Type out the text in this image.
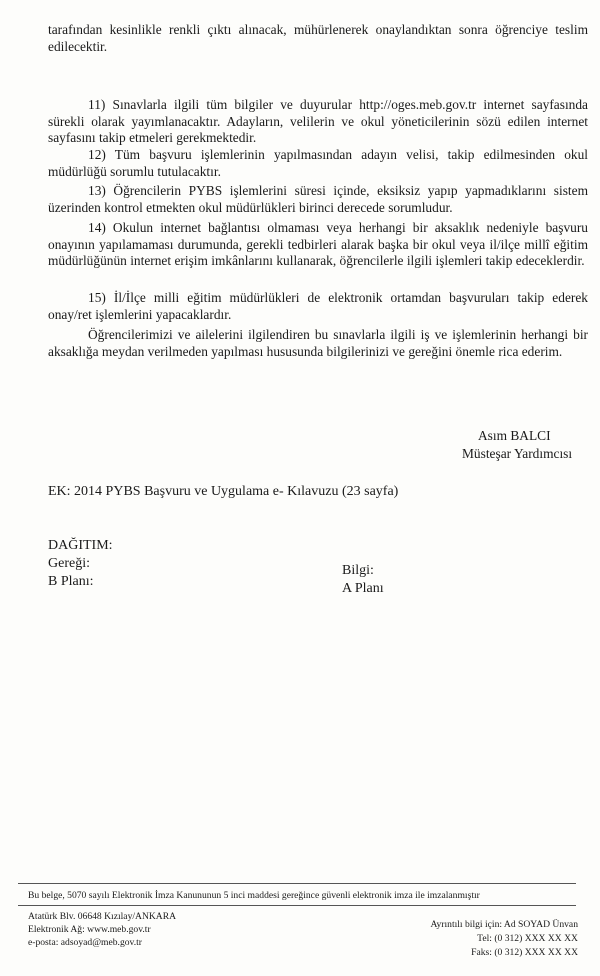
tarafından kesinlikle renkli çıktı alınacak, mühürlenerek onaylandıktan sonra öğrenciye teslim edilecektir.
11) Sınavlarla ilgili tüm bilgiler ve duyurular http://oges.meb.gov.tr internet sayfasında sürekli olarak yayımlanacaktır. Adayların, velilerin ve okul yöneticilerinin sözü edilen internet sayfasını takip etmeleri gerekmektedir.
12) Tüm başvuru işlemlerinin yapılmasından adayın velisi, takip edilmesinden okul müdürlüğü sorumlu tutulacaktır.
13) Öğrencilerin PYBS işlemlerini süresi içinde, eksiksiz yapıp yapmadıklarını sistem üzerinden kontrol etmekten okul müdürlükleri birinci derecede sorumludur.
14) Okulun internet bağlantısı olmaması veya herhangi bir aksaklık nedeniyle başvuru onayının yapılamaması durumunda, gerekli tedbirleri alarak başka bir okul veya il/ilçe millî eğitim müdürlüğünün internet erişim imkânlarını kullanarak, öğrencilerle ilgili işlemleri takip edeceklerdir.
15) İl/İlçe milli eğitim müdürlükleri de elektronik ortamdan başvuruları takip ederek onay/ret işlemlerini yapacaklardır.
Öğrencilerimizi ve ailelerini ilgilendiren bu sınavlarla ilgili iş ve işlemlerinin herhangi bir aksaklığa meydan verilmeden yapılması hususunda bilgilerinizi ve gereğini önemle rica ederim.
Asım BALCI
Müsteşar Yardımcısı
EK: 2014 PYBS Başvuru ve Uygulama e- Kılavuzu (23 sayfa)
DAĞITIM:
Gereği:
B Planı:
Bilgi:
A Planı
Bu belge, 5070 sayılı Elektronik İmza Kanununun 5 inci maddesi gereğince güvenli elektronik imza ile imzalanmıştır
Atatürk Blv. 06648 Kızılay/ANKARA
Elektronik Ağ: www.meb.gov.tr
e-posta: adsoyad@meb.gov.tr
Ayrıntılı bilgi için: Ad SOYAD Ünvan
Tel: (0 312) XXX XX XX
Faks: (0 312) XXX XX XX
